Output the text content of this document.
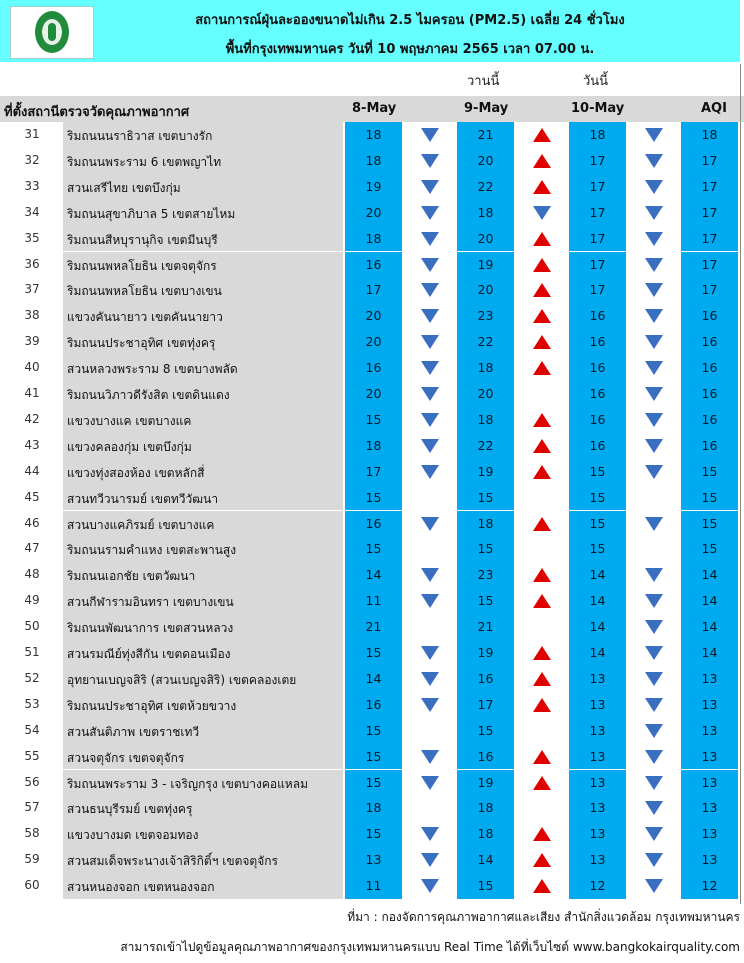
สถานการณ์ฝุ่นละอองขนาดไม่เกิน 2.5 ไมครอน (PM2.5) เฉลี่ย 24 ชั่วโมง
พื้นที่กรุงเทพมหานคร วันที่ 10 พฤษภาคม 2565 เวลา 07.00 น.
วานนี้	วันนี้
ที่ตั้งสถานีตรวจวัดคุณภาพอากาศ	8-May	9-May	10-May	AQI
31	ริมถนนนราธิวาส เขตบางรัก	18	21	18	18
32	ริมถนนพระราม 6 เขตพญาไท	18	20	17	17
33	สวนเสรีไทย เขตบึงกุ่ม	19	22	17	17
34	ริมถนนสุขาภิบาล 5 เขตสายไหม	20	18	17	17
35	ริมถนนสีหบุรานุกิจ เขตมีนบุรี	18	20	17	17
36	ริมถนนพหลโยธิน เขตจตุจักร	16	19	17	17
37	ริมถนนพหลโยธิน เขตบางเขน	17	20	17	17
38	แขวงคันนายาว เขตคันนายาว	20	23	16	16
39	ริมถนนประชาอุทิศ เขตทุ่งครุ	20	22	16	16
40	สวนหลวงพระราม 8 เขตบางพลัด	16	18	16	16
41	ริมถนนวิภาวดีรังสิต เขตดินแดง	20	20	16	16
42	แขวงบางแค เขตบางแค	15	18	16	16
43	แขวงคลองกุ่ม เขตบึงกุ่ม	18	22	16	16
44	แขวงทุ่งสองห้อง เขตหลักสี่	17	19	15	15
45	สวนทวีวนารมย์ เขตทวีวัฒนา	15	15	15	15
46	สวนบางแคภิรมย์ เขตบางแค	16	18	15	15
47	ริมถนนรามคำแหง เขตสะพานสูง	15	15	15	15
48	ริมถนนเอกชัย เขตวัฒนา	14	23	14	14
49	สวนกีฬารามอินทรา เขตบางเขน	11	15	14	14
50	ริมถนนพัฒนาการ เขตสวนหลวง	21	21	14	14
51	สวนรมณีย์ทุ่งสีกัน เขตดอนเมือง	15	19	14	14
52	อุทยานเบญจสิริ (สวนเบญจสิริ) เขตคลองเตย	14	16	13	13
53	ริมถนนประชาอุทิศ เขตห้วยขวาง	16	17	13	13
54	สวนสันติภาพ เขตราชเทวี	15	15	13	13
55	สวนจตุจักร เขตจตุจักร	15	16	13	13
56	ริมถนนพระราม 3 - เจริญกรุง เขตบางคอแหลม	15	19	13	13
57	สวนธนบุรีรมย์ เขตทุ่งครุ	18	18	13	13
58	แขวงบางมด เขตจอมทอง	15	18	13	13
59	สวนสมเด็จพระนางเจ้าสิริกิติ์ฯ เขตจตุจักร	13	14	13	13
60	สวนหนองจอก เขตหนองจอก	11	15	12	12
ที่มา : กองจัดการคุณภาพอากาศและเสียง สำนักสิ่งแวดล้อม กรุงเทพมหานคร
สามารถเข้าไปดูข้อมูลคุณภาพอากาศของกรุงเทพมหานครแบบ Real Time ได้ที่เว็บไซต์ www.bangkokairquality.com
